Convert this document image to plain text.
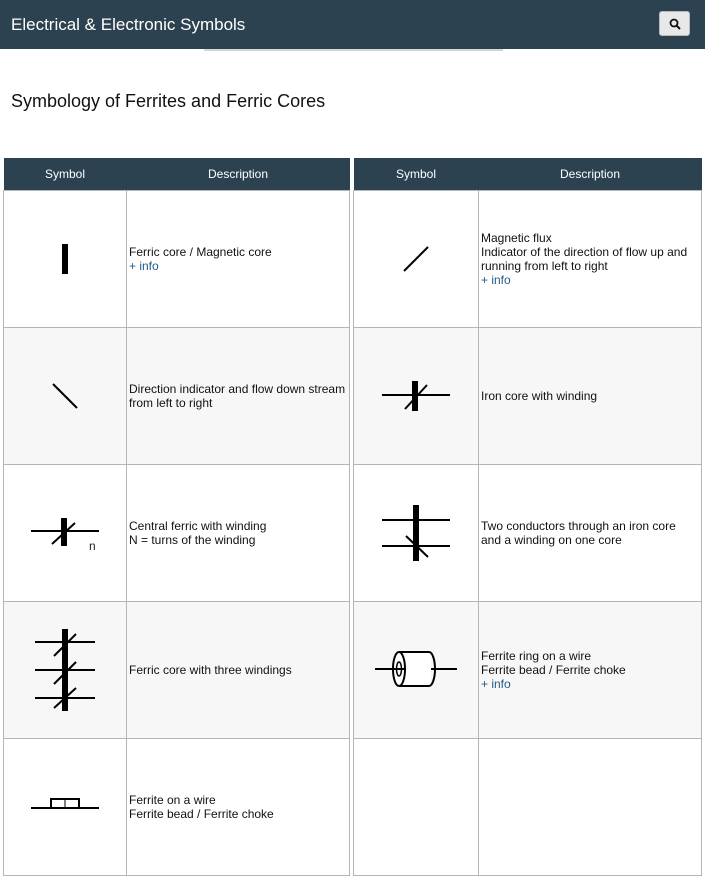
Electrical & Electronic Symbols
Symbology of Ferrites and Ferric Cores
Symbol	Description

Ferric core / Magnetic core
+ info

Direction indicator and flow down stream
from left to right

n	Central ferric with winding
N = turns of the winding

Ferric core with three windings

Ferrite on a wire
Ferrite bead / Ferrite choke
Symbol	Description

Magnetic flux
Indicator of the direction of flow up and
running from left to right
+ info

Iron core with winding

Two conductors through an iron core
and a winding on one core

Ferrite ring on a wire
Ferrite bead / Ferrite choke
+ info
